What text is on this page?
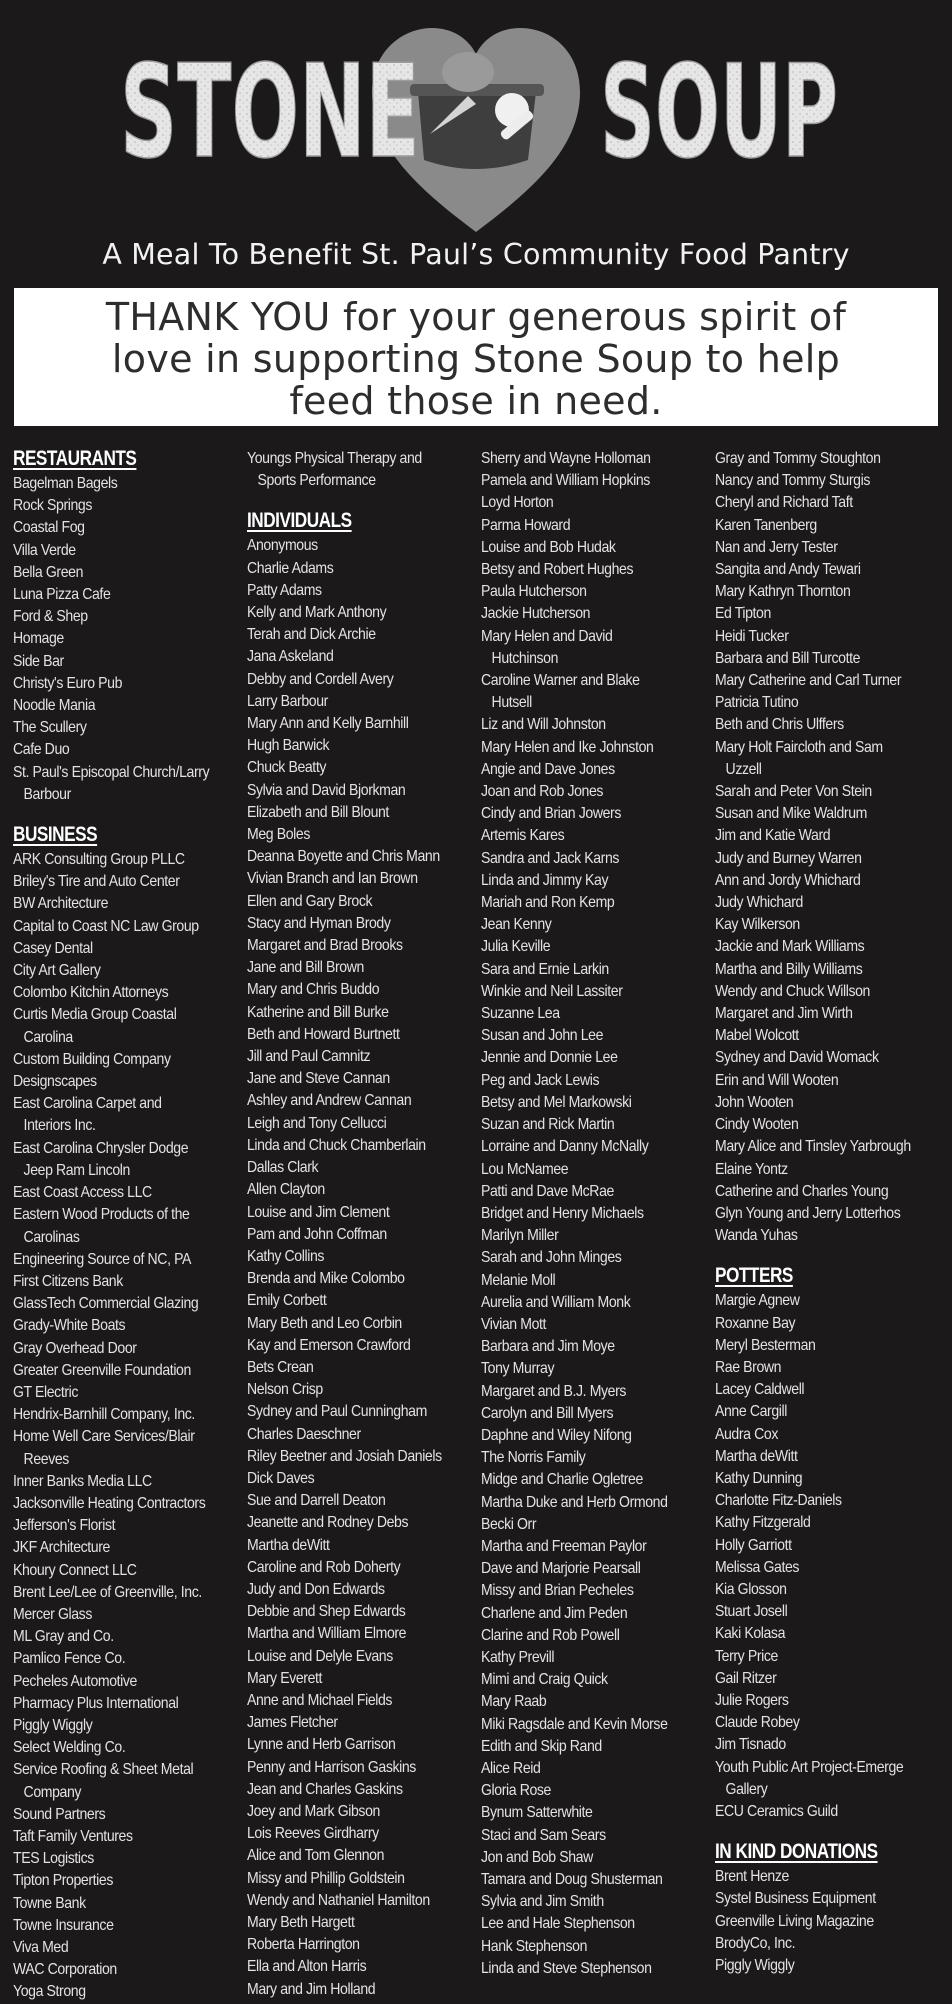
STONE SOUP
A Meal To Benefit St. Paul’s Community Food Pantry
THANK YOU for your generous spirit of
love in supporting Stone Soup to help
feed those in need.
RESTAURANTS
Bagelman Bagels
Rock Springs
Coastal Fog
Villa Verde
Bella Green
Luna Pizza Cafe
Ford & Shep
Homage
Side Bar
Christy's Euro Pub
Noodle Mania
The Scullery
Cafe Duo
St. Paul's Episcopal Church/Larry
Barbour
BUSINESS
ARK Consulting Group PLLC
Briley's Tire and Auto Center
BW Architecture
Capital to Coast NC Law Group
Casey Dental
City Art Gallery
Colombo Kitchin Attorneys
Curtis Media Group Coastal
Carolina
Custom Building Company
Designscapes
East Carolina Carpet and
Interiors Inc.
East Carolina Chrysler Dodge
Jeep Ram Lincoln
East Coast Access LLC
Eastern Wood Products of the
Carolinas
Engineering Source of NC, PA
First Citizens Bank
GlassTech Commercial Glazing
Grady-White Boats
Gray Overhead Door
Greater Greenville Foundation
GT Electric
Hendrix-Barnhill Company, Inc.
Home Well Care Services/Blair
Reeves
Inner Banks Media LLC
Jacksonville Heating Contractors
Jefferson's Florist
JKF Architecture
Khoury Connect LLC
Brent Lee/Lee of Greenville, Inc.
Mercer Glass
ML Gray and Co.
Pamlico Fence Co.
Pecheles Automotive
Pharmacy Plus International
Piggly Wiggly
Select Welding Co.
Service Roofing & Sheet Metal
Company
Sound Partners
Taft Family Ventures
TES Logistics
Tipton Properties
Towne Bank
Towne Insurance
Viva Med
WAC Corporation
Yoga Strong
Youngs Physical Therapy and
Sports Performance
INDIVIDUALS
Anonymous
Charlie Adams
Patty Adams
Kelly and Mark Anthony
Terah and Dick Archie
Jana Askeland
Debby and Cordell Avery
Larry Barbour
Mary Ann and Kelly Barnhill
Hugh Barwick
Chuck Beatty
Sylvia and David Bjorkman
Elizabeth and Bill Blount
Meg Boles
Deanna Boyette and Chris Mann
Vivian Branch and Ian Brown
Ellen and Gary Brock
Stacy and Hyman Brody
Margaret and Brad Brooks
Jane and Bill Brown
Mary and Chris Buddo
Katherine and Bill Burke
Beth and Howard Burtnett
Jill and Paul Camnitz
Jane and Steve Cannan
Ashley and Andrew Cannan
Leigh and Tony Cellucci
Linda and Chuck Chamberlain
Dallas Clark
Allen Clayton
Louise and Jim Clement
Pam and John Coffman
Kathy Collins
Brenda and Mike Colombo
Emily Corbett
Mary Beth and Leo Corbin
Kay and Emerson Crawford
Bets Crean
Nelson Crisp
Sydney and Paul Cunningham
Charles Daeschner
Riley Beetner and Josiah Daniels
Dick Daves
Sue and Darrell Deaton
Jeanette and Rodney Debs
Martha deWitt
Caroline and Rob Doherty
Judy and Don Edwards
Debbie and Shep Edwards
Martha and William Elmore
Louise and Delyle Evans
Mary Everett
Anne and Michael Fields
James Fletcher
Lynne and Herb Garrison
Penny and Harrison Gaskins
Jean and Charles Gaskins
Joey and Mark Gibson
Lois Reeves Girdharry
Alice and Tom Glennon
Missy and Phillip Goldstein
Wendy and Nathaniel Hamilton
Mary Beth Hargett
Roberta Harrington
Ella and Alton Harris
Mary and Jim Holland
Sherry and Wayne Holloman
Pamela and William Hopkins
Loyd Horton
Parma Howard
Louise and Bob Hudak
Betsy and Robert Hughes
Paula Hutcherson
Jackie Hutcherson
Mary Helen and David
Hutchinson
Caroline Warner and Blake
Hutsell
Liz and Will Johnston
Mary Helen and Ike Johnston
Angie and Dave Jones
Joan and Rob Jones
Cindy and Brian Jowers
Artemis Kares
Sandra and Jack Karns
Linda and Jimmy Kay
Mariah and Ron Kemp
Jean Kenny
Julia Keville
Sara and Ernie Larkin
Winkie and Neil Lassiter
Suzanne Lea
Susan and John Lee
Jennie and Donnie Lee
Peg and Jack Lewis
Betsy and Mel Markowski
Suzan and Rick Martin
Lorraine and Danny McNally
Lou McNamee
Patti and Dave McRae
Bridget and Henry Michaels
Marilyn Miller
Sarah and John Minges
Melanie Moll
Aurelia and William Monk
Vivian Mott
Barbara and Jim Moye
Tony Murray
Margaret and B.J. Myers
Carolyn and Bill Myers
Daphne and Wiley Nifong
The Norris Family
Midge and Charlie Ogletree
Martha Duke and Herb Ormond
Becki Orr
Martha and Freeman Paylor
Dave and Marjorie Pearsall
Missy and Brian Pecheles
Charlene and Jim Peden
Clarine and Rob Powell
Kathy Previll
Mimi and Craig Quick
Mary Raab
Miki Ragsdale and Kevin Morse
Edith and Skip Rand
Alice Reid
Gloria Rose
Bynum Satterwhite
Staci and Sam Sears
Jon and Bob Shaw
Tamara and Doug Shusterman
Sylvia and Jim Smith
Lee and Hale Stephenson
Hank Stephenson
Linda and Steve Stephenson
Gray and Tommy Stoughton
Nancy and Tommy Sturgis
Cheryl and Richard Taft
Karen Tanenberg
Nan and Jerry Tester
Sangita and Andy Tewari
Mary Kathryn Thornton
Ed Tipton
Heidi Tucker
Barbara and Bill Turcotte
Mary Catherine and Carl Turner
Patricia Tutino
Beth and Chris Ulffers
Mary Holt Faircloth and Sam
Uzzell
Sarah and Peter Von Stein
Susan and Mike Waldrum
Jim and Katie Ward
Judy and Burney Warren
Ann and Jordy Whichard
Judy Whichard
Kay Wilkerson
Jackie and Mark Williams
Martha and Billy Williams
Wendy and Chuck Willson
Margaret and Jim Wirth
Mabel Wolcott
Sydney and David Womack
Erin and Will Wooten
John Wooten
Cindy Wooten
Mary Alice and Tinsley Yarbrough
Elaine Yontz
Catherine and Charles Young
Glyn Young and Jerry Lotterhos
Wanda Yuhas
POTTERS
Margie Agnew
Roxanne Bay
Meryl Besterman
Rae Brown
Lacey Caldwell
Anne Cargill
Audra Cox
Martha deWitt
Kathy Dunning
Charlotte Fitz-Daniels
Kathy Fitzgerald
Holly Garriott
Melissa Gates
Kia Glosson
Stuart Josell
Kaki Kolasa
Terry Price
Gail Ritzer
Julie Rogers
Claude Robey
Jim Tisnado
Youth Public Art Project-Emerge
Gallery
ECU Ceramics Guild
IN KIND DONATIONS
Brent Henze
Systel Business Equipment
Greenville Living Magazine
BrodyCo, Inc.
Piggly Wiggly
